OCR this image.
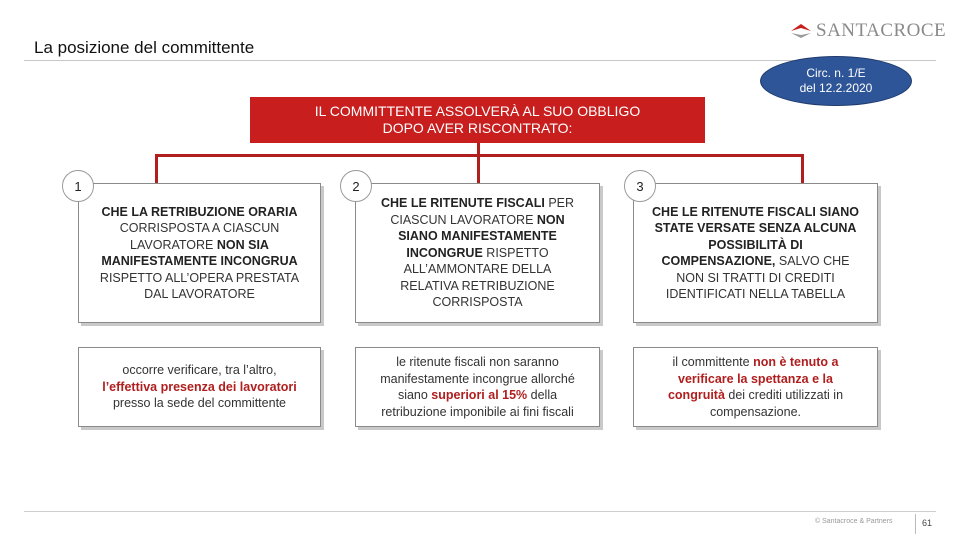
La posizione del committente
SANTACROCE
Circ. n. 1/E
del 12.2.2020
IL COMMITTENTE ASSOLVERÀ AL SUO OBBLIGO
DOPO AVER RISCONTRATO:
CHE LA RETRIBUZIONE ORARIA
CORRISPOSTA A CIASCUN
LAVORATORE NON SIA
MANIFESTAMENTE INCONGRUA
RISPETTO ALL’OPERA PRESTATA
DAL LAVORATORE
1
occorre verificare, tra l’altro,
l’effettiva presenza dei lavoratori
presso la sede del committente
CHE LE RITENUTE FISCALI PER
CIASCUN LAVORATORE NON
SIANO MANIFESTAMENTE
INCONGRUE RISPETTO
ALL’AMMONTARE DELLA
RELATIVA RETRIBUZIONE
CORRISPOSTA
2
le ritenute fiscali non saranno
manifestamente incongrue allorché
siano superiori al 15% della
retribuzione imponibile ai fini fiscali
CHE LE RITENUTE FISCALI SIANO
STATE VERSATE SENZA ALCUNA
POSSIBILITÀ DI
COMPENSAZIONE, SALVO CHE
NON SI TRATTI DI CREDITI
IDENTIFICATI NELLA TABELLA
3
il committente non è tenuto a
verificare la spettanza e la
congruità dei crediti utilizzati in
compensazione.
© Santacroce & Partners	61
